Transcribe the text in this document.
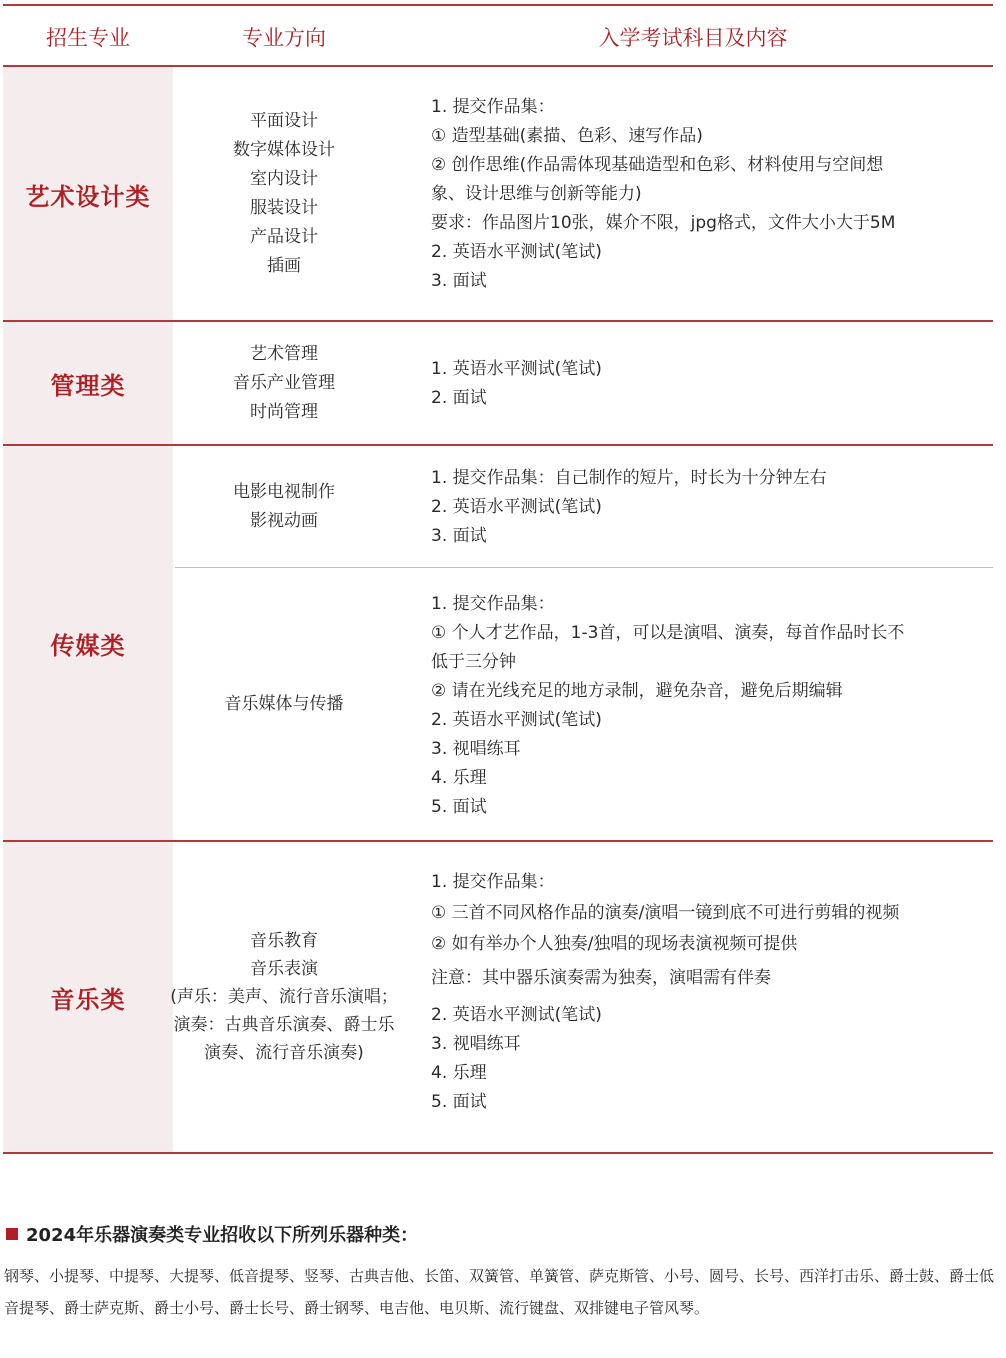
招生专业	专业方向	入学考试科目及内容
艺术设计类
平面设计
数字媒体设计
室内设计
服装设计
产品设计
插画
1. 提交作品集：
① 造型基础(素描、色彩、速写作品)
② 创作思维(作品需体现基础造型和色彩、材料使用与空间想
象、设计思维与创新等能力)
要求：作品图片10张，媒介不限，jpg格式，文件大小大于5M
2. 英语水平测试(笔试)
3. 面试
管理类
艺术管理
音乐产业管理
时尚管理
1. 英语水平测试(笔试)
2. 面试
传媒类
电影电视制作
影视动画
1. 提交作品集：自己制作的短片，时长为十分钟左右
2. 英语水平测试(笔试)
3. 面试
音乐媒体与传播
1. 提交作品集：
① 个人才艺作品，1-3首，可以是演唱、演奏，每首作品时长不
低于三分钟
② 请在光线充足的地方录制，避免杂音，避免后期编辑
2. 英语水平测试(笔试)
3. 视唱练耳
4. 乐理
5. 面试
音乐类
音乐教育
音乐表演
(声乐：美声、流行音乐演唱；
演奏：古典音乐演奏、爵士乐
演奏、流行音乐演奏)
1. 提交作品集：
① 三首不同风格作品的演奏/演唱一镜到底不可进行剪辑的视频
② 如有举办个人独奏/独唱的现场表演视频可提供
注意：其中器乐演奏需为独奏，演唱需有伴奏
2. 英语水平测试(笔试)
3. 视唱练耳
4. 乐理
5. 面试
2024年乐器演奏类专业招收以下所列乐器种类：
钢琴、小提琴、中提琴、大提琴、低音提琴、竖琴、古典吉他、长笛、双簧管、单簧管、萨克斯管、小号、圆号、长号、西洋打击乐、爵士鼓、爵士低音提琴、爵士萨克斯、爵士小号、爵士长号、爵士钢琴、电吉他、电贝斯、流行键盘、双排键电子管风琴。
